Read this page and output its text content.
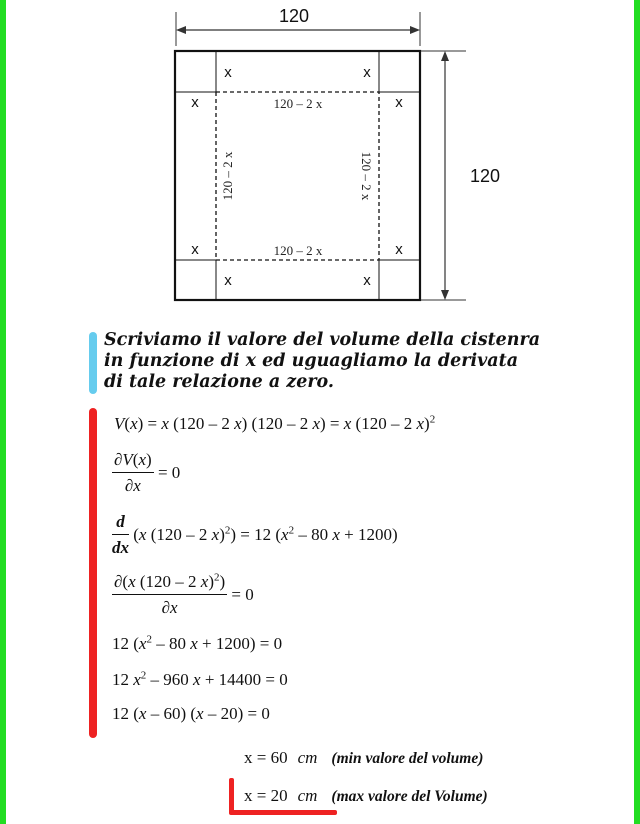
120
120
x	x
x	x
x	x
x	x
120 – 2 x
120 – 2 x
120 – 2 x	120 – 2 x
Scriviamo il valore del volume della cistenra
in funzione di x ed uguagliamo la derivata
di tale relazione a zero.
V(x) = x (120 – 2 x) (120 – 2 x) = x (120 – 2 x)$^2$
$\frac{\partial V(x)}{\partial x} = 0$
$\frac{d}{dx} (x$ (120 – 2 x)$^2$) = 12 ($x^2 - 80$ x + 1200)
$\frac{\partial(x (120 - 2 x)^2)}{\partial x} = 0$
12 ($x^2 - 80$ x + 1200) = 0
12 $x^2 - 960$ x + 14400 = 0
12 (x – 60) (x – 20) = 0
x = 60 cm (min valore del volume)
x = 20 cm (max valore del Volume)
